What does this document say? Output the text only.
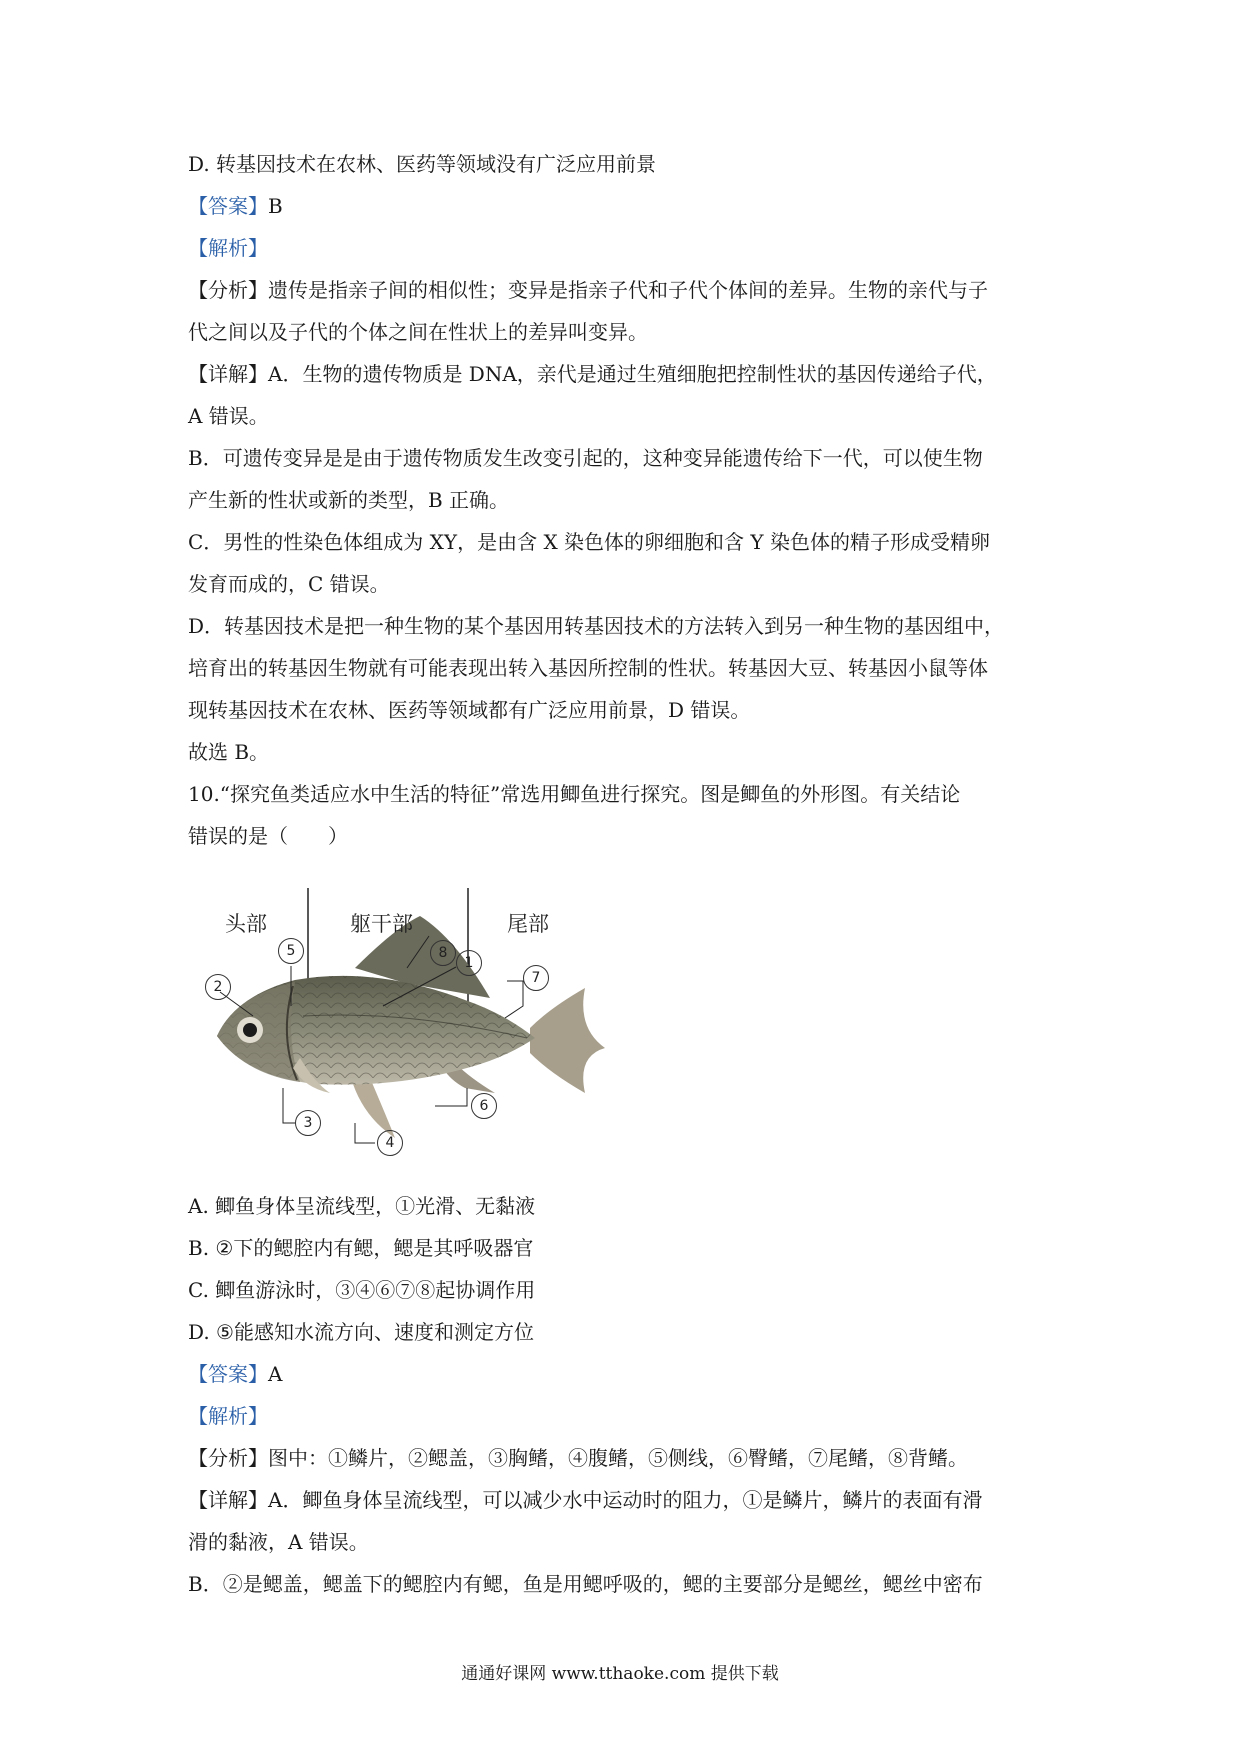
D. 转基因技术在农林、医药等领域没有广泛应用前景
【答案】B
【解析】
【分析】遗传是指亲子间的相似性；变异是指亲子代和子代个体间的差异。生物的亲代与子
代之间以及子代的个体之间在性状上的差异叫变异。
【详解】A．生物的遗传物质是 DNA，亲代是通过生殖细胞把控制性状的基因传递给子代，
A 错误。
B．可遗传变异是是由于遗传物质发生改变引起的，这种变异能遗传给下一代，可以使生物
产生新的性状或新的类型，B 正确。
C．男性的性染色体组成为 XY，是由含 X 染色体的卵细胞和含 Y 染色体的精子形成受精卵
发育而成的，C 错误。
D．转基因技术是把一种生物的某个基因用转基因技术的方法转入到另一种生物的基因组中，
培育出的转基因生物就有可能表现出转入基因所控制的性状。转基因大豆、转基因小鼠等体
现转基因技术在农林、医药等领域都有广泛应用前景，D 错误。
故选 B。
10.“探究鱼类适应水中生活的特征”常选用鲫鱼进行探究。图是鲫鱼的外形图。有关结论
错误的是（　　）
头部	躯干部	尾部
1
2
3
4
5
6
7
8
A. 鲫鱼身体呈流线型，①光滑、无黏液
B. ②下的鳃腔内有鳃，鳃是其呼吸器官
C. 鲫鱼游泳时，③④⑥⑦⑧起协调作用
D. ⑤能感知水流方向、速度和测定方位
【答案】A
【解析】
【分析】图中：①鳞片，②鳃盖，③胸鳍，④腹鳍，⑤侧线，⑥臀鳍，⑦尾鳍，⑧背鳍。
【详解】A．鲫鱼身体呈流线型，可以减少水中运动时的阻力，①是鳞片，鳞片的表面有滑
滑的黏液，A 错误。
B．②是鳃盖，鳃盖下的鳃腔内有鳃，鱼是用鳃呼吸的，鳃的主要部分是鳃丝，鳃丝中密布
通通好课网 www.tthaoke.com 提供下载
